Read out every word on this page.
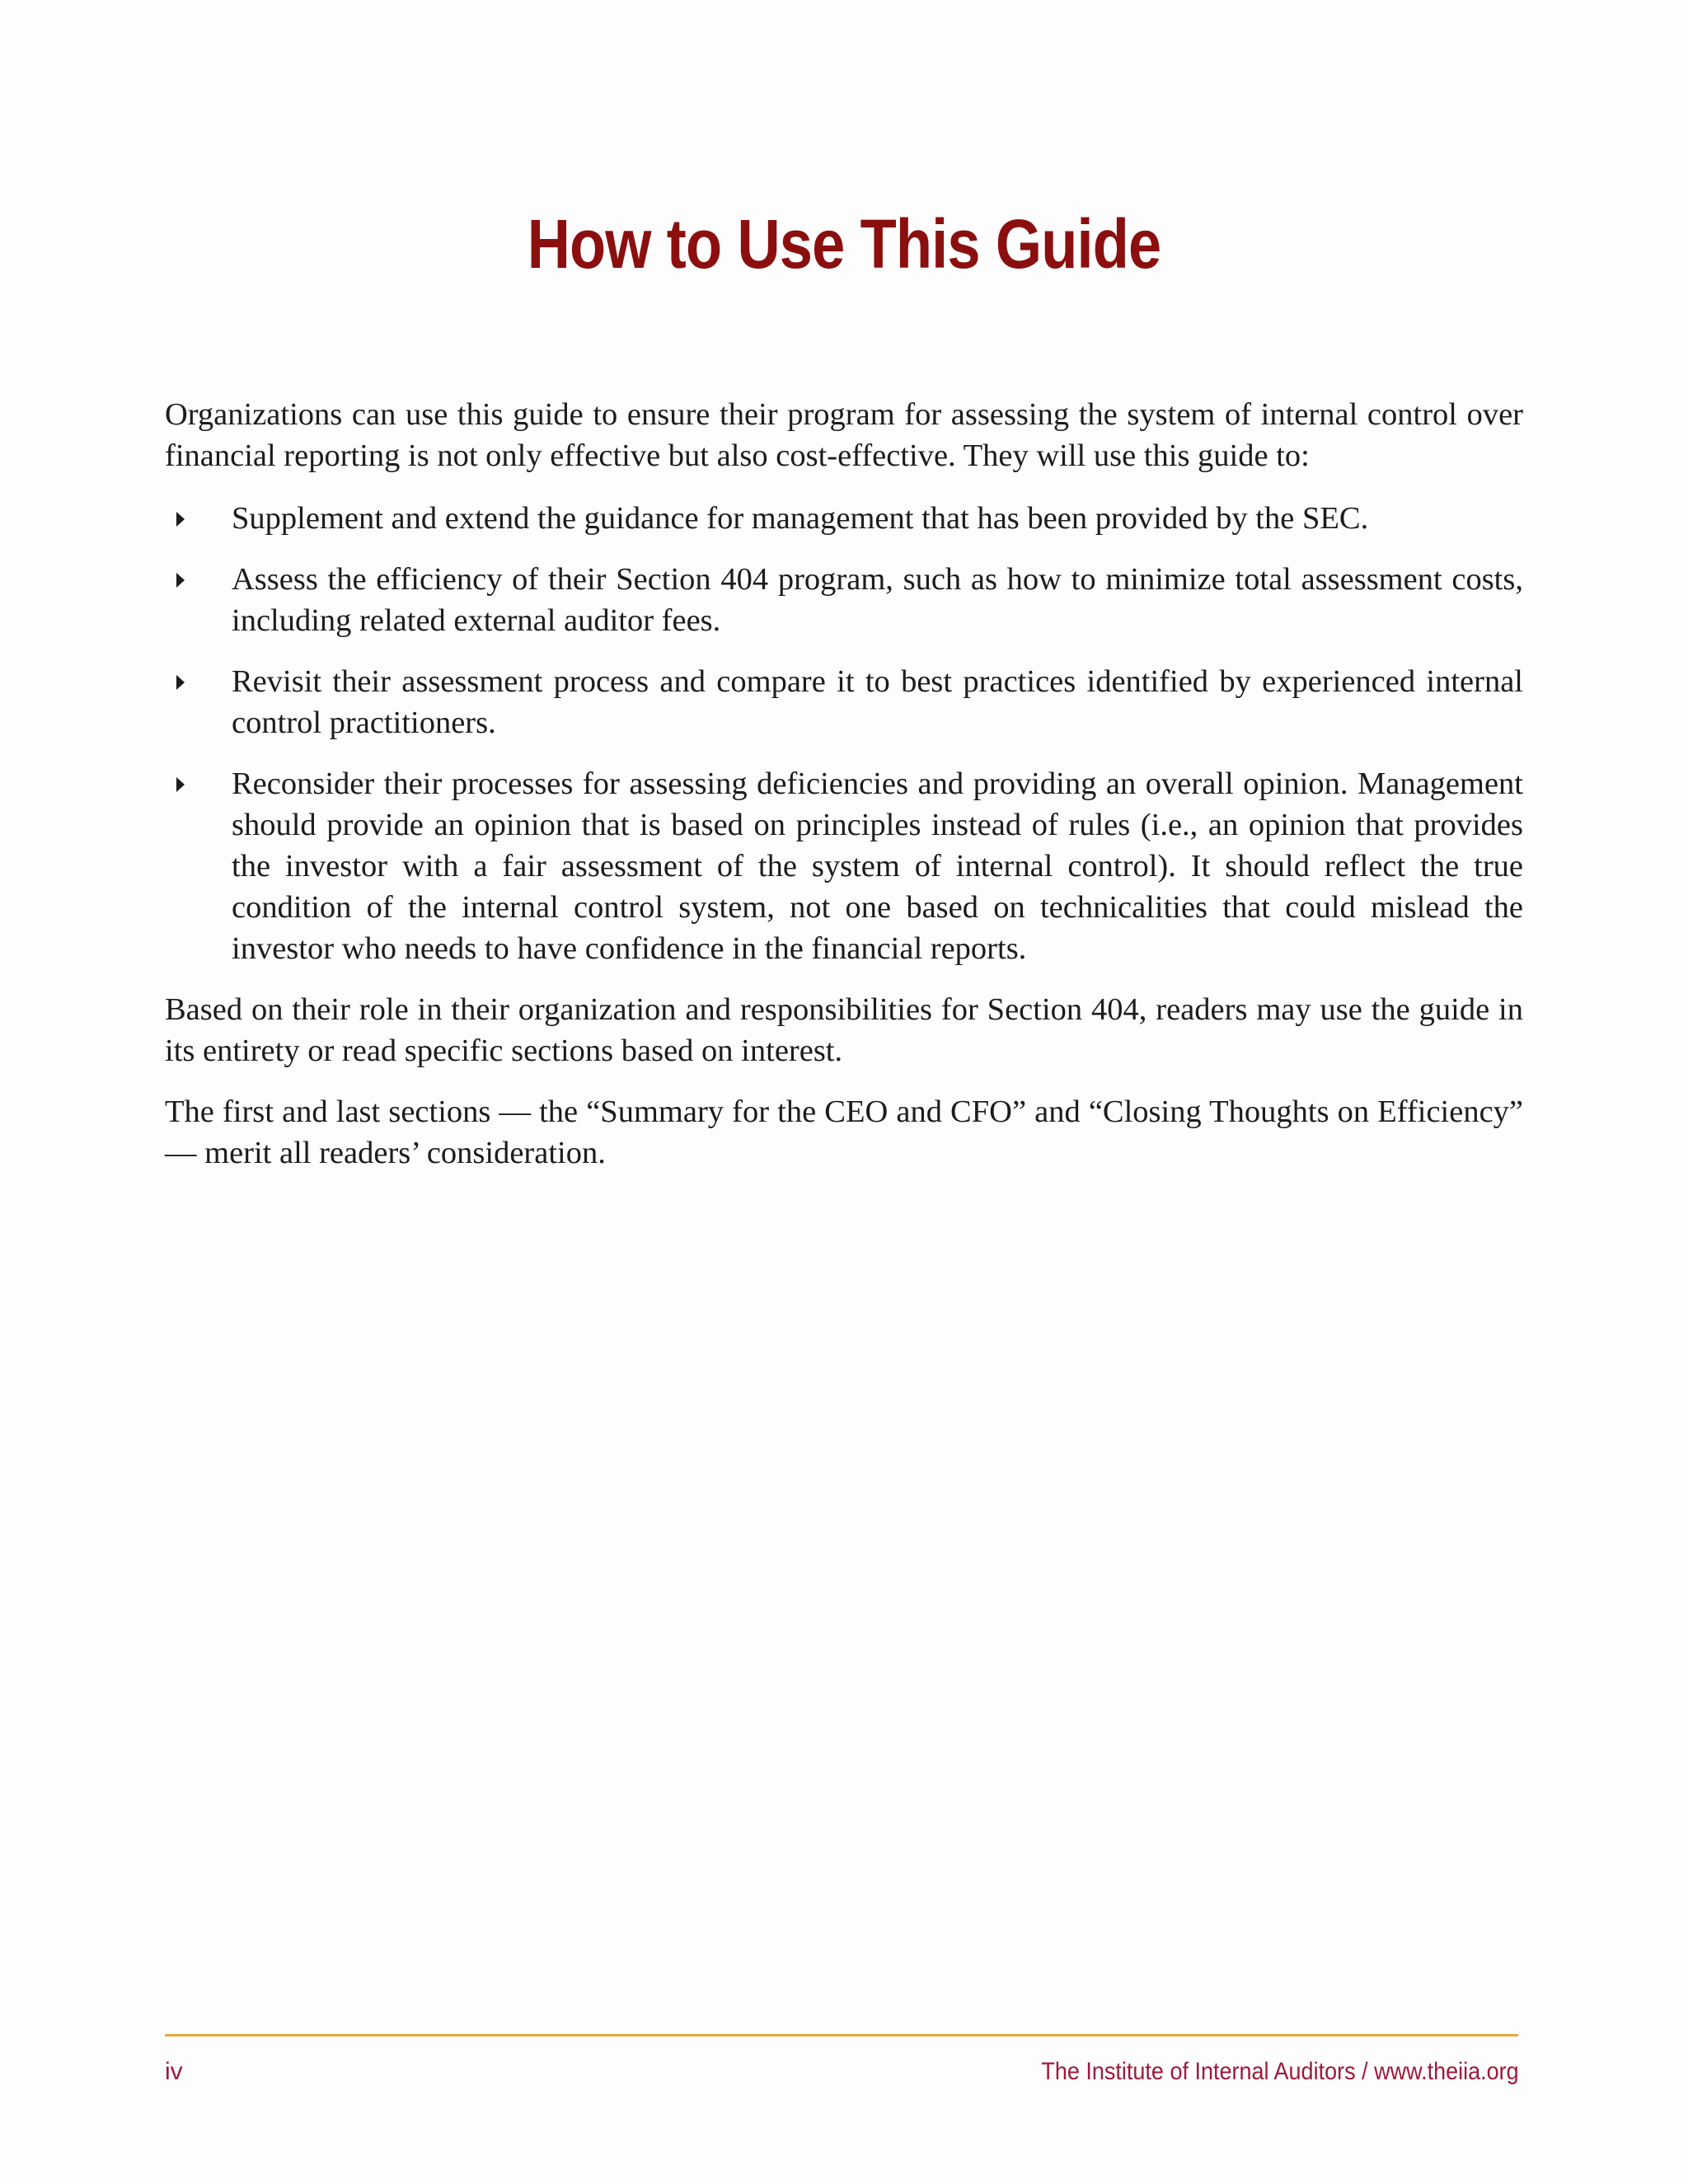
How to Use This Guide

Organizations can use this guide to ensure their program for assessing the system of internal control over financial reporting is not only effective but also cost-effective. They will use this guide to:

Supplement and extend the guidance for management that has been provided by the SEC.
Assess the efficiency of their Section 404 program, such as how to minimize total assessment costs, including related external auditor fees.
Revisit their assessment process and compare it to best practices identified by experienced internal control practitioners.
Reconsider their processes for assessing deficiencies and providing an overall opinion. Management should provide an opinion that is based on principles instead of rules (i.e., an opinion that provides the investor with a fair assessment of the system of internal control). It should reflect the true condition of the internal control system, not one based on technicalities that could mislead the investor who needs to have confidence in the financial reports.

Based on their role in their organization and responsibilities for Section 404, readers may use the guide in its entirety or read specific sections based on interest.

The first and last sections — the “Summary for the CEO and CFO” and “Closing Thoughts on Efficiency” — merit all readers’ consideration.

iv	The Institute of Internal Auditors / www.theiia.org
